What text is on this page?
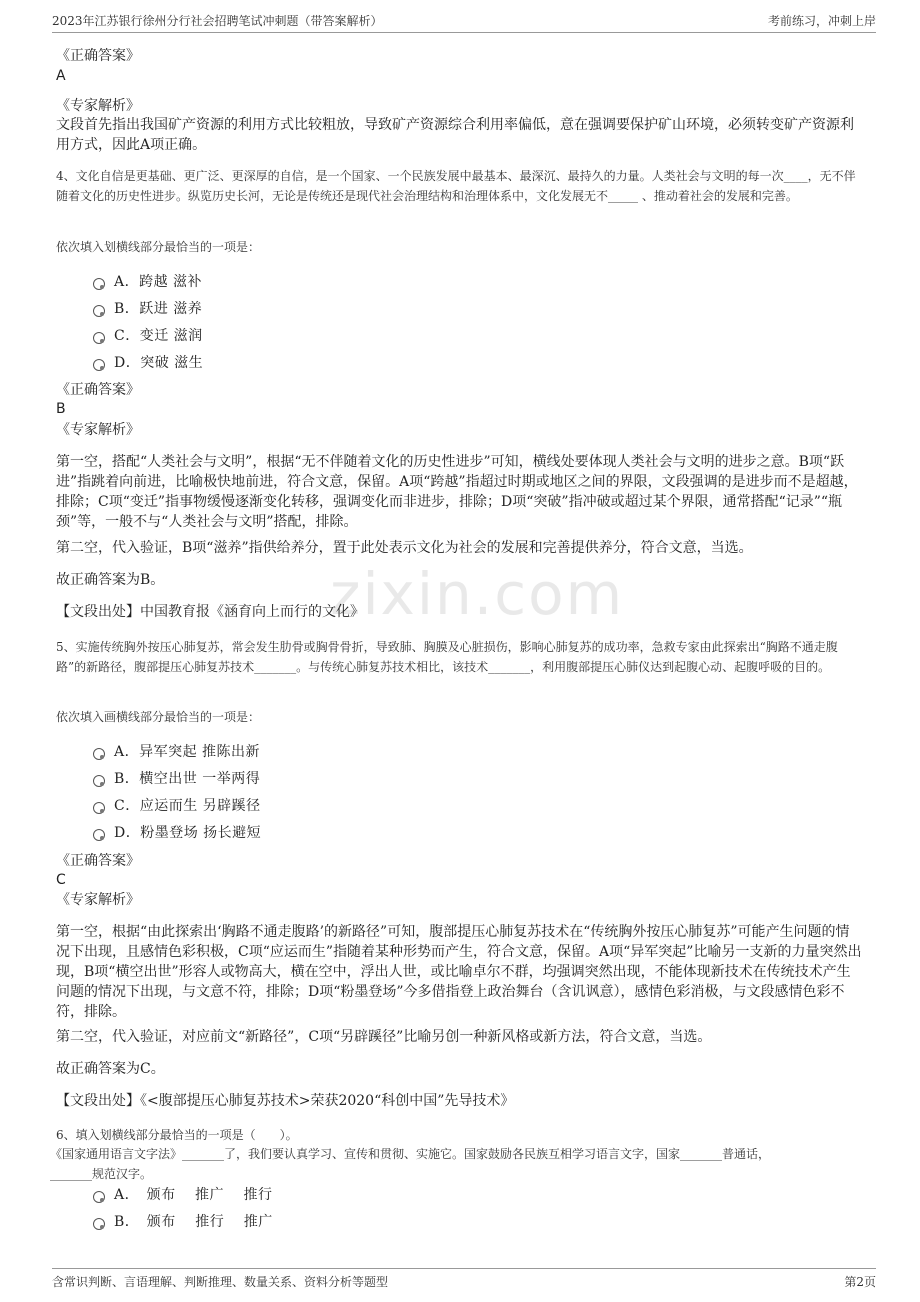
2023年江苏银行徐州分行社会招聘笔试冲刺题（带答案解析）	考前练习，冲刺上岸
zixin.com
《正确答案》
A
《专家解析》
文段首先指出我国矿产资源的利用方式比较粗放，导致矿产资源综合利用率偏低，意在强调要保护矿山环境，必须转变矿产资源利用方式，因此A项正确。
4、文化自信是更基础、更广泛、更深厚的自信，是一个国家、一个民族发展中最基本、最深沉、最持久的力量。人类社会与文明的每一次____，无不伴随着文化的历史性进步。纵览历史长河，无论是传统还是现代社会治理结构和治理体系中，文化发展无不_____ 、推动着社会的发展和完善。
依次填入划横线部分最恰当的一项是：
A．跨越 滋补
B．跃进 滋养
C．变迁 滋润
D．突破 滋生
《正确答案》
B
《专家解析》
第一空，搭配“人类社会与文明”，根据“无不伴随着文化的历史性进步”可知，横线处要体现人类社会与文明的进步之意。B项“跃进”指跳着向前进，比喻极快地前进，符合文意，保留。A项“跨越”指超过时期或地区之间的界限，文段强调的是进步而不是超越，排除；C项“变迁”指事物缓慢逐渐变化转移，强调变化而非进步，排除；D项“突破”指冲破或超过某个界限，通常搭配“记录”“瓶颈”等，一般不与“人类社会与文明”搭配，排除。
第二空，代入验证，B项“滋养”指供给养分，置于此处表示文化为社会的发展和完善提供养分，符合文意，当选。
故正确答案为B。
【文段出处】中国教育报《涵育向上而行的文化》
5、实施传统胸外按压心肺复苏，常会发生肋骨或胸骨骨折，导致肺、胸膜及心脏损伤，影响心肺复苏的成功率，急救专家由此探索出“胸路不通走腹路”的新路径，腹部提压心肺复苏技术_______。与传统心肺复苏技术相比，该技术_______，利用腹部提压心肺仪达到起腹心动、起腹呼吸的目的。
依次填入画横线部分最恰当的一项是：
A．异军突起 推陈出新
B．横空出世 一举两得
C．应运而生 另辟蹊径
D．粉墨登场 扬长避短
《正确答案》
C
《专家解析》
第一空，根据“由此探索出‘胸路不通走腹路’的新路径”可知，腹部提压心肺复苏技术在“传统胸外按压心肺复苏”可能产生问题的情况下出现，且感情色彩积极，C项“应运而生”指随着某种形势而产生，符合文意，保留。A项“异军突起”比喻另一支新的力量突然出现，B项“横空出世”形容人或物高大，横在空中，浮出人世，或比喻卓尔不群，均强调突然出现，不能体现新技术在传统技术产生问题的情况下出现，与文意不符，排除；D项“粉墨登场”今多借指登上政治舞台（含讥讽意），感情色彩消极，与文段感情色彩不符，排除。
第二空，代入验证，对应前文“新路径”，C项“另辟蹊径”比喻另创一种新风格或新方法，符合文意，当选。
故正确答案为C。
【文段出处】《<腹部提压心肺复苏技术>荣获2020“科创中国”先导技术》
6、填入划横线部分最恰当的一项是（　　）。
《国家通用语言文字法》_______了，我们要认真学习、宣传和贯彻、实施它。国家鼓励各民族互相学习语言文字，国家_______普通话，_______规范汉字。
A．　颁布　 推广　 推行
B．　颁布　 推行　 推广
含常识判断、言语理解、判断推理、数量关系、资料分析等题型	第2页
